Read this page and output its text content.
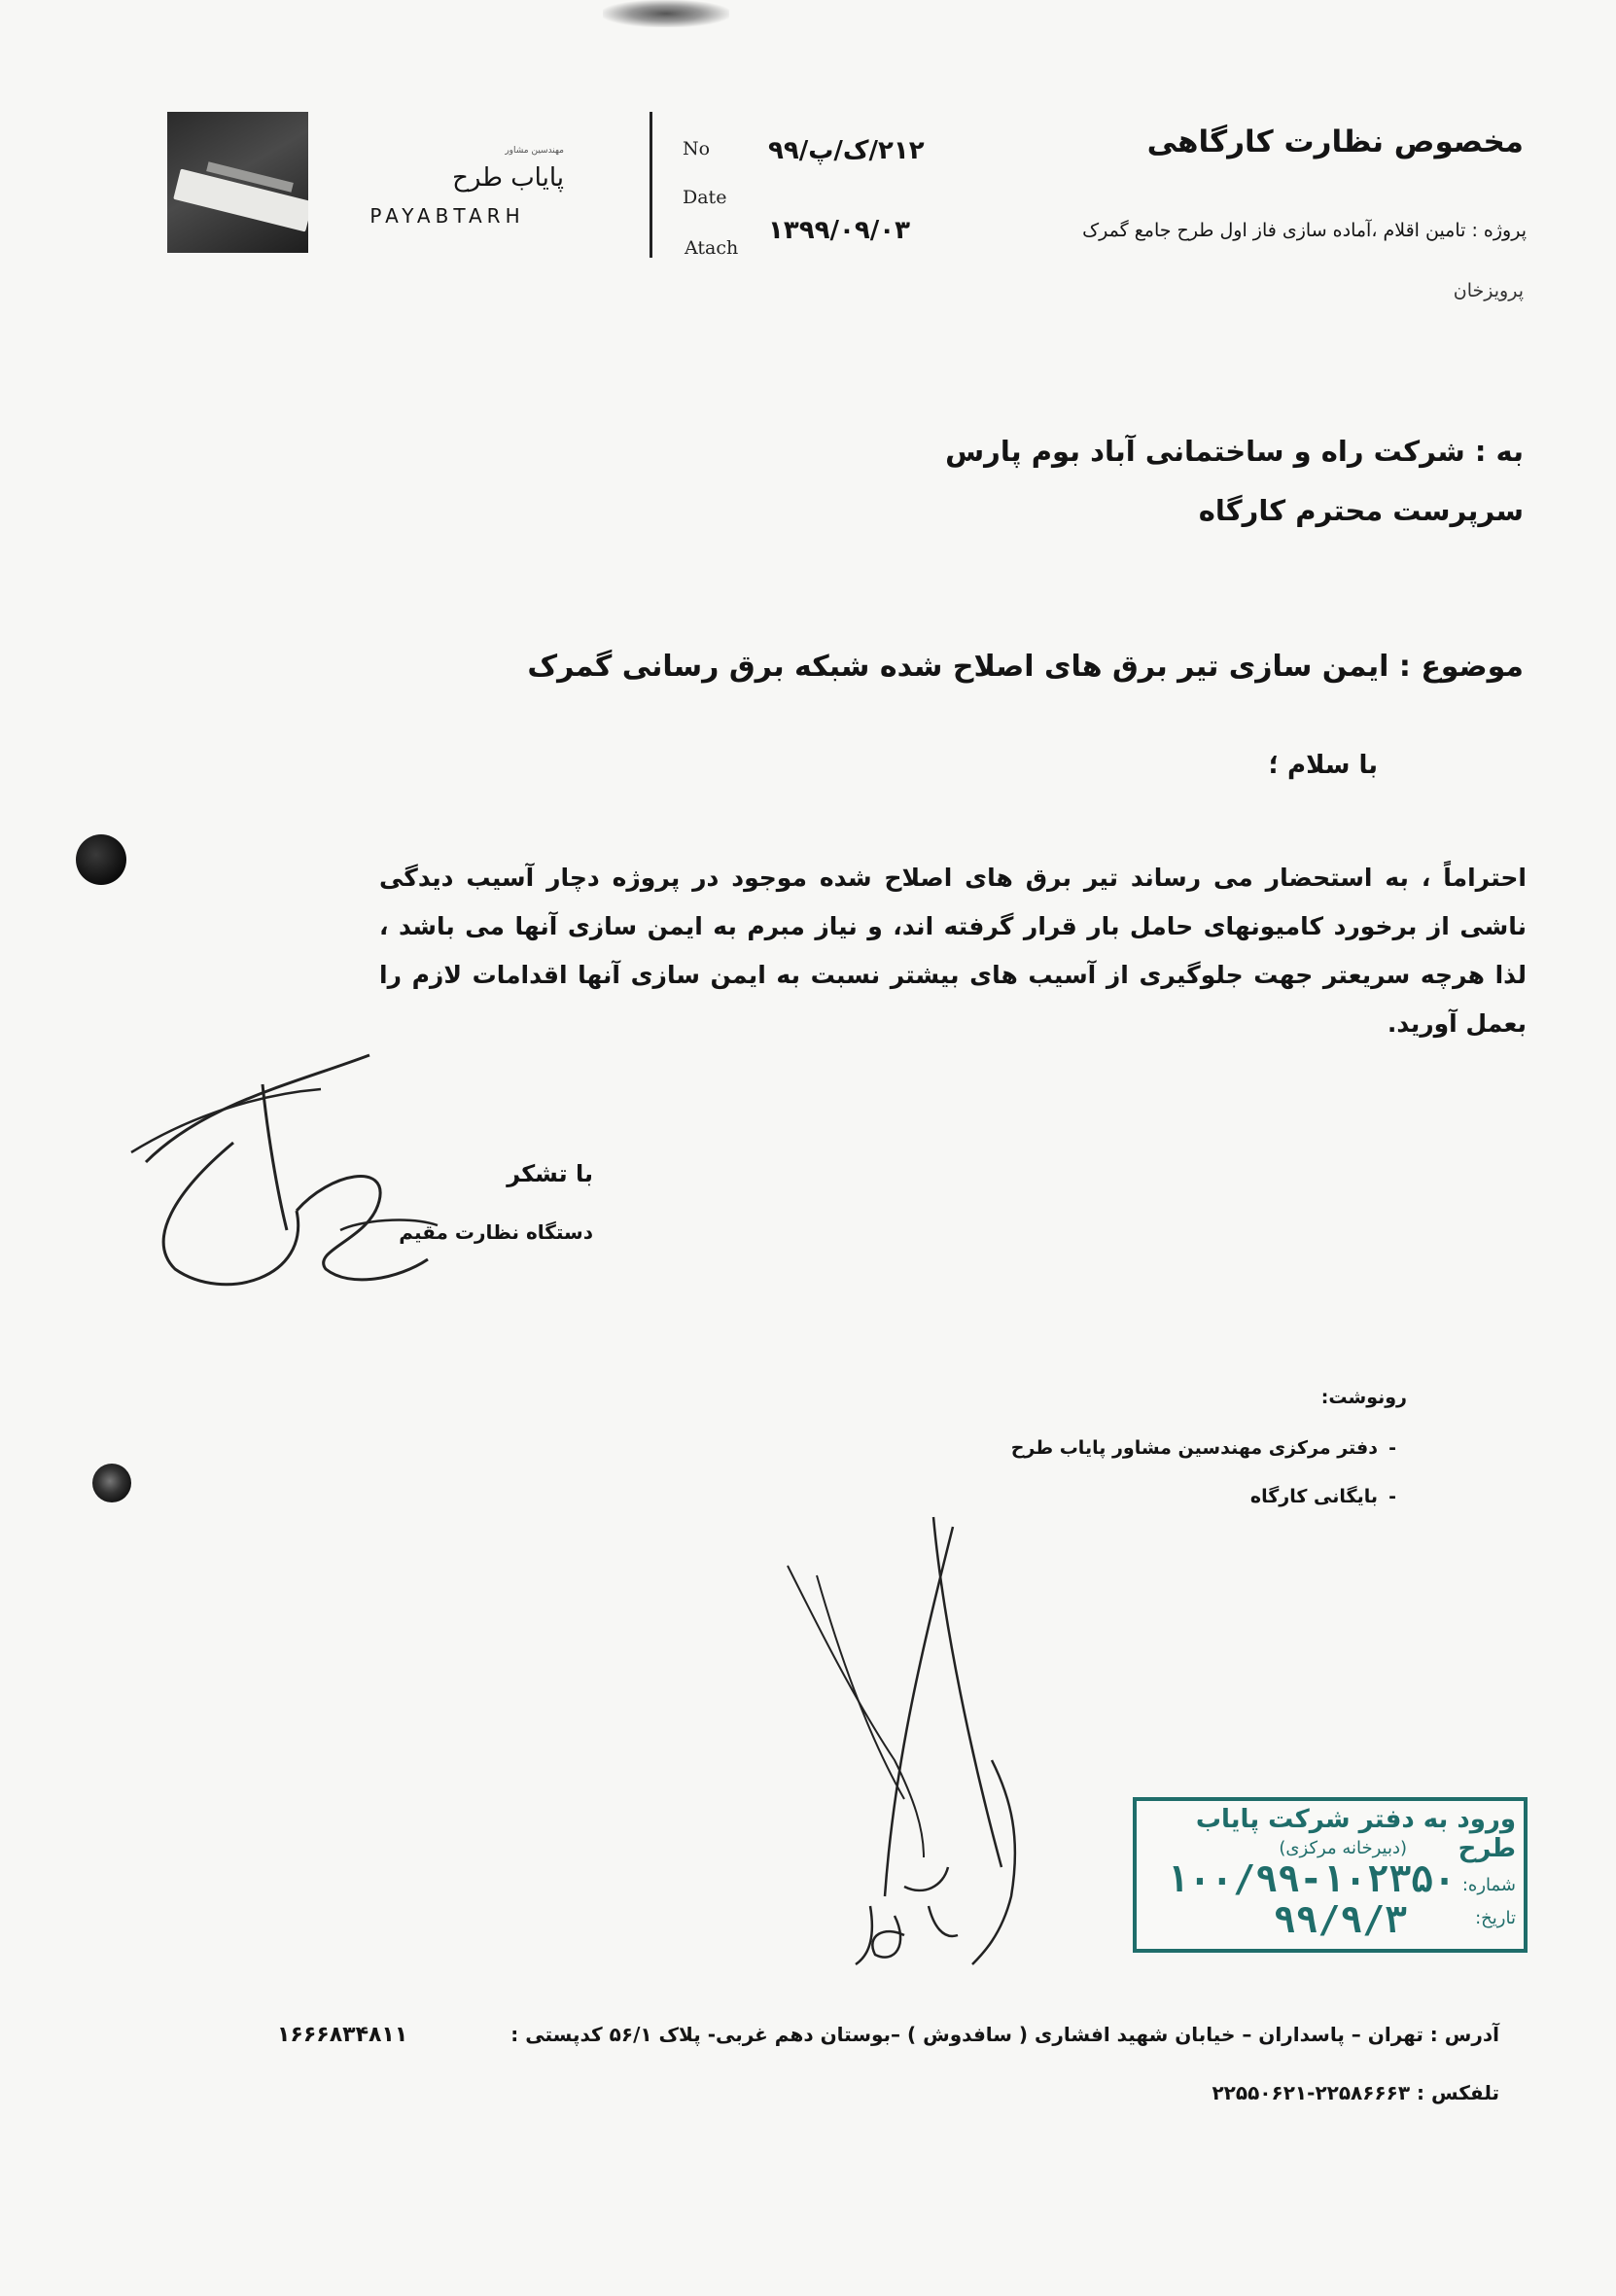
مهندسین مشاور
پاياب طرح
PAYABTARH
No ۲۱۲/ک/پ/۹۹
Date
Atach
۱۳۹۹/۰۹/۰۳
مخصوص نظارت کارگاهی
پروژه : تامین اقلام ،آماده سازی فاز اول طرح جامع گمرک
پرویزخان
به : شرکت راه و ساختمانی آباد بوم پارس
سرپرست محترم کارگاه
موضوع : ایمن سازی تیر برق های اصلاح شده شبکه برق رسانی گمرک
با سلام ؛
احتراماً ، به استحضار می رساند تیر برق های اصلاح شده موجود در پروژه دچار آسیب دیدگی ناشی از برخورد کامیونهای حامل بار قرار گرفته اند، و نیاز مبرم به ایمن سازی آنها می باشد ، لذا هرچه سریعتر جهت جلوگیری از آسیب های بیشتر نسبت به ایمن سازی آنها اقدامات لازم را بعمل آورید.
با تشکر
دستگاه نظارت مقیم
رونوشت:
دفتر مرکزی مهندسین مشاور پایاب طرح -
بایگانی کارگاه -
ورود به دفتر شرکت پایاب طرح
(دبیرخانه مرکزی)
شماره:
تاریخ:
۱۰۰/۹۹-۱۰۲۳۵۰
۹۹/۹/۳
آدرس : تهران – پاسداران – خیابان شهید افشاری ( سافدوش ) –بوستان دهم غربی- پلاک ۵۶/۱ کدپستی :
۱۶۶۶۸۳۴۸۱۱
تلفکس : ۲۲۵۸۶۶۶۳-۲۲۵۵۰۶۲۱
